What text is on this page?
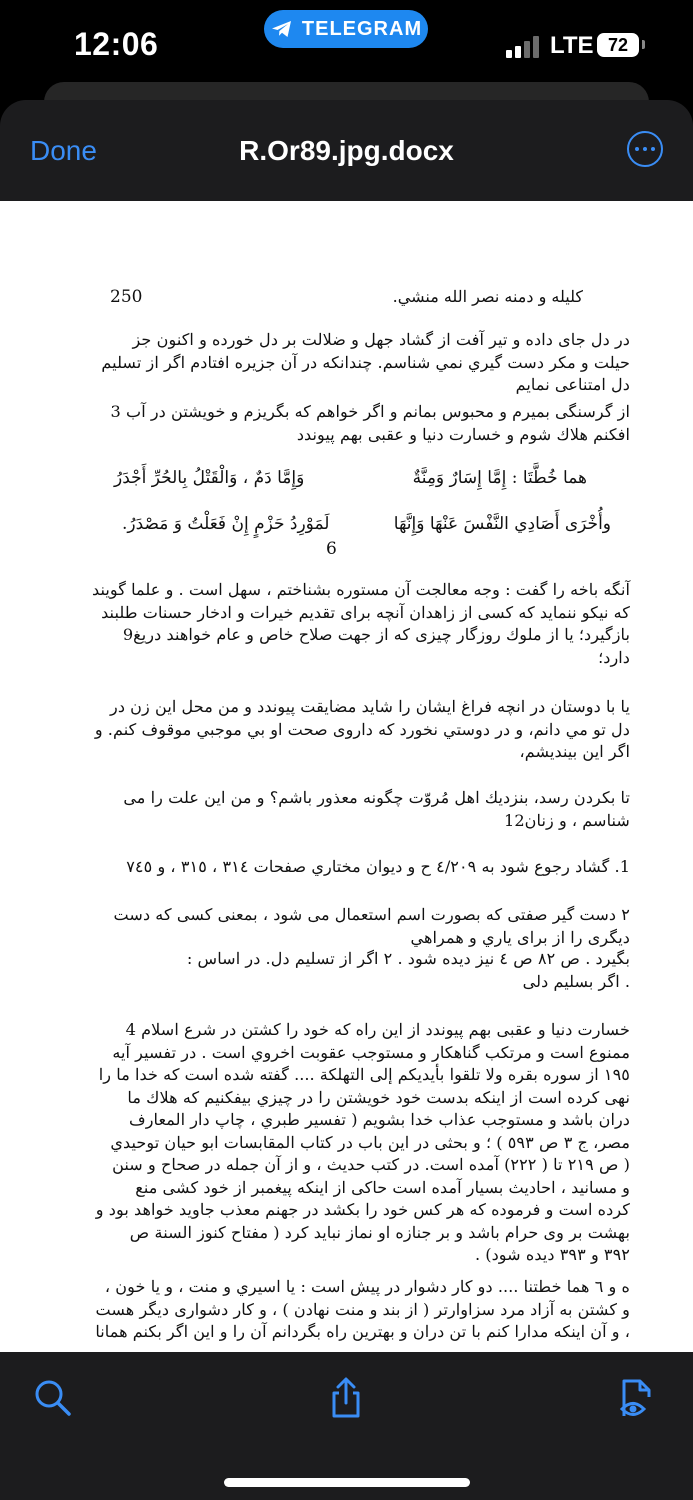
12:06	TELEGRAM
LTE 72
Done	R.Or89.jpg.docx
250	كليله و دمنه نصر الله منشي.

در دل جاى داده و تير آفت از گشاد جهل و ضلالت بر دل خورده و اكنون جز
حيلت و مكر دست گيري نمي شناسم. چندانكه در آن جزيره افتادم اگر از تسليم
دل امتناعى نمايم

از گرسنگى بميرم و محبوس بمانم و اگر خواهم كه بگريزم و خويشتن در آب 3
افكنم هلاك شوم و خسارت دنيا و عقبى بهم پيوندد

هما خُطَّتَا : إِمَّا إِسَارٌ وَمِنَّةٌ
وَإِمَّا دَمٌ ، وَالْقَتْلُ بِالحُرِّ أَجْدَرُ
وأُخْرَى أَصَادِي النَّفْسَ عَنْهَا وَإِنَّهَا
لَمَوْرِدُ حَزْمٍ إِنْ فَعَلْتُ وَ مَصْدَرُ.
6

آنگه باخه را گفت : وجه معالجت آن مستوره بشناختم ، سهل است . و علما گويند
كه نيكو ننمايد كه كسى از زاهدان آنچه براى تقديم خيرات و ادخار حسنات طلبند
بازگيرد؛ يا از ملوك روزگار چيزى كه از جهت صلاح خاص و عام خواهند دريغ9
دارد؛

يا با دوستان در انچه فراغ ايشان را شايد مضايقت پيوندد و من محل اين زن در
دل تو مي دانم، و در دوستي نخورد كه داروى صحت او بي موجبي موقوف كنم. و
اگر اين بينديشم،

تا بكردن رسد، بنزديك اهل مُروّت چگونه معذور باشم؟ و من اين علت را مى
شناسم ، و زنان12

1. گشاد رجوع شود به ٤/٢٠٩ ح و ديوان مختاري صفحات ٣١٤ ، ٣١٥ ، و ٧٤٥

٢ دست گير صفتى كه بصورت اسم استعمال مى شود ، بمعنى كسى كه دست
ديگرى را از براى ياري و همراهي

بگيرد . ص ٨٢ ص ٤ نيز ديده شود . ٢ اگر از تسليم دل. در اساس :
. اگر بسليم دلى

خسارت دنيا و عقبى بهم پيوندد از اين راه كه خود را كشتن در شرع اسلام 4
ممنوع است و مرتكب گناهكار و مستوجب عقوبت اخروي است . در تفسير آيه
١٩٥ از سوره بقره ولا تلقوا بأيديكم إلى التهلكة .... گفته شده است كه خدا ما را
نهى كرده است از اينكه بدست خود خويشتن را در چيزي بيفكنيم كه هلاك ما
دران باشد و مستوجب عذاب خدا بشويم ( تفسير طبري ، چاپ دار المعارف
مصر، ج ٣ ص ٥٩٣ ) ؛ و بحثى در اين باب در كتاب المقابسات ابو حيان توحيدي
( ص ٢١٩ تا ( ٢٢٢) آمده است. در كتب حديث ، و از آن جمله در صحاح و سنن
و مسانيد ، احاديث بسيار آمده است حاكى از اينكه پيغمبر از خود كشى منع
كرده است و فرموده كه هر كس خود را بكشد در جهنم معذب جاويد خواهد بود و
بهشت بر وى حرام باشد و بر جنازه او نماز نبايد كرد ( مفتاح كنوز السنة ص
٣٩٢ و ٣٩٣ ديده شود) .

ه و ٦ هما خطتنا .... دو كار دشوار در پيش است : يا اسيري و منت ، و يا خون ،
و كشتن به آزاد مرد سزاوارتر ( از بند و منت نهادن ) ، و كار دشوارى ديگر هست
، و آن اينكه مدارا كنم با تن دران و بهترين راه بگردانم آن را و اين اگر بكنم همانا
